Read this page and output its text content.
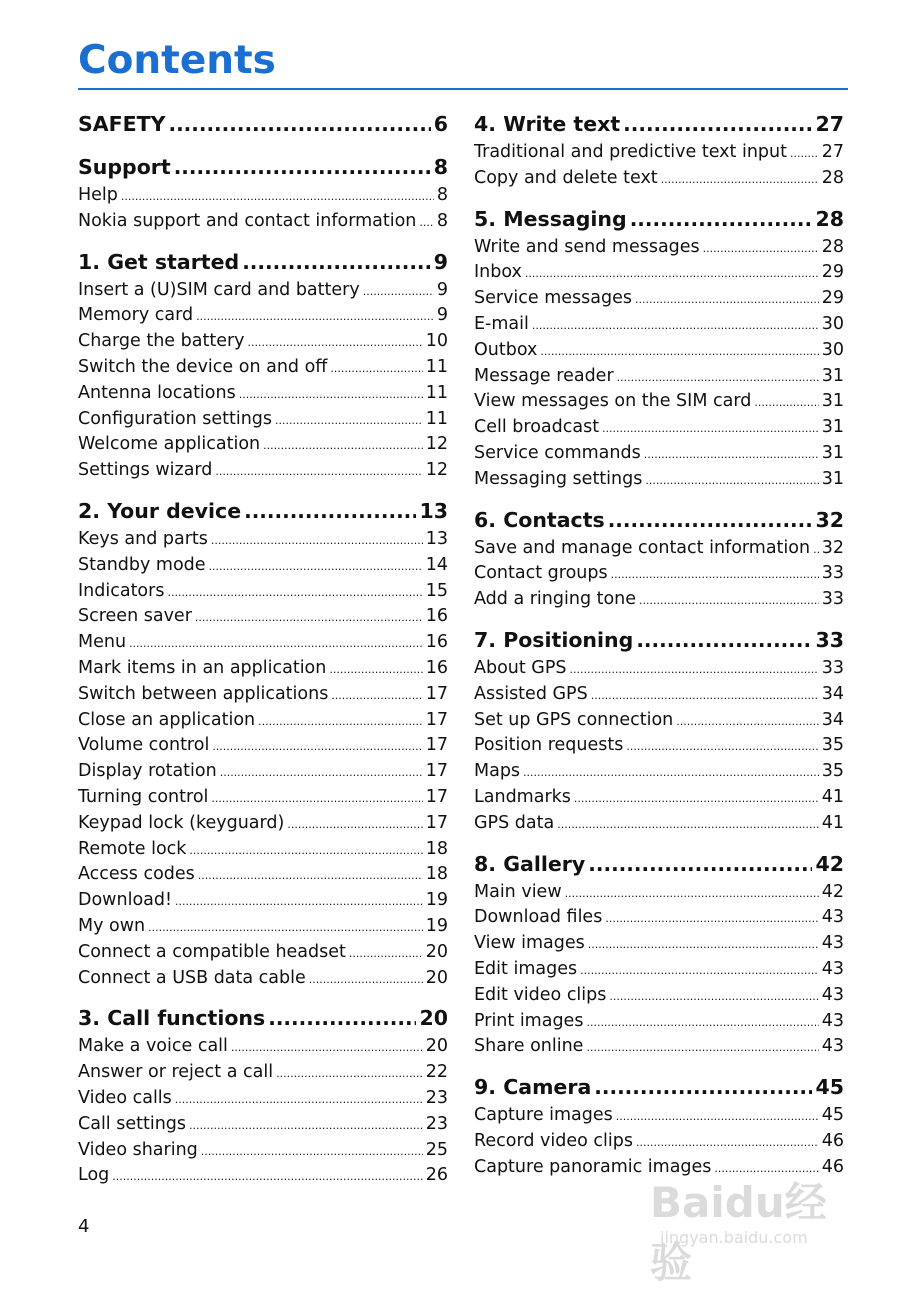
Contents
SAFETY .....	6
Support .....	8
Help .....	8
Nokia support and contact information ..... 8
1. Get started .....	9
Insert a (U)SIM card and battery .....	9
Memory card .....	9
Charge the battery .....	10
Switch the device on and off .....	11
Antenna locations .....	11
Configuration settings .....	11
Welcome application .....	12
Settings wizard .....	12
2. Your device .....	13
Keys and parts .....	13
Standby mode .....	14
Indicators .....	15
Screen saver .....	16
Menu .....	16
Mark items in an application .....	16
Switch between applications .....	17
Close an application .....	17
Volume control .....	17
Display rotation .....	17
Turning control .....	17
Keypad lock (keyguard) .....	17
Remote lock .....	18
Access codes .....	18
Download! .....	19
My own .....	19
Connect a compatible headset .....	20
Connect a USB data cable .....	20
3. Call functions .....	20
Make a voice call .....	20
Answer or reject a call .....	22
Video calls .....	23
Call settings .....	23
Video sharing .....	25
Log .....	26
4. Write text .....	27
Traditional and predictive text input ..... 27
Copy and delete text .....	28
5. Messaging .....	28
Write and send messages .....	28
Inbox .....	29
Service messages .....	29
E-mail .....	30
Outbox .....	30
Message reader .....	31
View messages on the SIM card .....	31
Cell broadcast .....	31
Service commands .....	31
Messaging settings .....	31
6. Contacts .....	32
Save and manage contact information ..... 32
Contact groups .....	33
Add a ringing tone .....	33
7. Positioning .....	33
About GPS .....	33
Assisted GPS .....	34
Set up GPS connection .....	34
Position requests .....	35
Maps .....	35
Landmarks .....	41
GPS data .....	41
8. Gallery .....	42
Main view .....	42
Download files .....	43
View images .....	43
Edit images .....	43
Edit video clips .....	43
Print images .....	43
Share online .....	43
9. Camera .....	45
Capture images .....	45
Record video clips .....	46
Capture panoramic images .....	46
4	Baidu经验
jingyan.baidu.com
